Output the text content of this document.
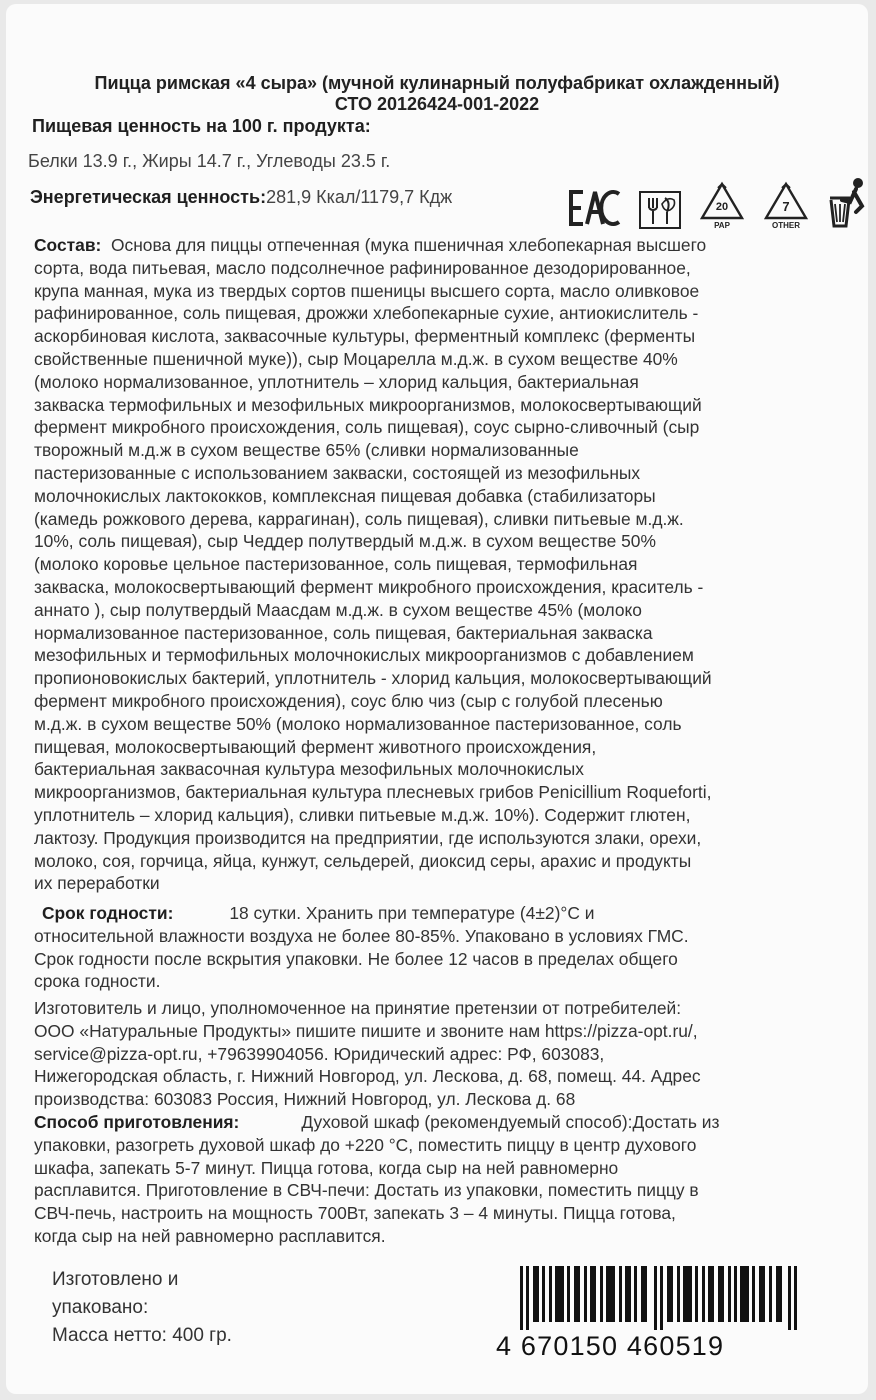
Пицца римская «4 сыра» (мучной кулинарный полуфабрикат охлажденный)
СТО 20126424-001-2022
Пищевая ценность на 100 г. продукта:
Белки 13.9 г., Жиры 14.7 г., Углеводы 23.5 г.
Энергетическая ценность:281,9 Ккал/1179,7 Кдж	20
PAP
7
OTHER
Состав: Основа для пиццы отпеченная (мука пшеничная хлебопекарная высшего
сорта, вода питьевая, масло подсолнечное рафинированное дезодорированное,
крупа манная, мука из твердых сортов пшеницы высшего сорта, масло оливковое
рафинированное, соль пищевая, дрожжи хлебопекарные сухие, антиокислитель -
аскорбиновая кислота, заквасочные культуры, ферментный комплекс (ферменты
свойственные пшеничной муке)), сыр Моцарелла м.д.ж. в сухом веществе 40%
(молоко нормализованное, уплотнитель – хлорид кальция, бактериальная
закваска термофильных и мезофильных микроорганизмов, молокосвертывающий
фермент микробного происхождения, соль пищевая), соус сырно-сливочный (сыр
творожный м.д.ж в сухом веществе 65% (сливки нормализованные
пастеризованные с использованием закваски, состоящей из мезофильных
молочнокислых лактококков, комплексная пищевая добавка (стабилизаторы
(камедь рожкового дерева, каррагинан), соль пищевая), сливки питьевые м.д.ж.
10%, соль пищевая), сыр Чеддер полутвердый м.д.ж. в сухом веществе 50%
(молоко коровье цельное пастеризованное, соль пищевая, термофильная
закваска, молокосвертывающий фермент микробного происхождения, краситель -
аннато ), сыр полутвердый Маасдам м.д.ж. в сухом веществе 45% (молоко
нормализованное пастеризованное, соль пищевая, бактериальная закваска
мезофильных и термофильных молочнокислых микроорганизмов с добавлением
пропионовокислых бактерий, уплотнитель - хлорид кальция, молокосвертывающий
фермент микробного происхождения), соус блю чиз (сыр с голубой плесенью
м.д.ж. в сухом веществе 50% (молоко нормализованное пастеризованное, соль
пищевая, молокосвертывающий фермент животного происхождения,
бактериальная заквасочная культура мезофильных молочнокислых
микроорганизмов, бактериальная культура плесневых грибов Penicillium Roqueforti,
уплотнитель – хлорид кальция), сливки питьевые м.д.ж. 10%). Содержит глютен,
лактозу. Продукция производится на предприятии, где используются злаки, орехи,
молоко, соя, горчица, яйца, кунжут, сельдерей, диоксид серы, арахис и продукты
их переработки
Срок годности:	18 сутки. Хранить при температуре (4±2)°С и
относительной влажности воздуха не более 80-85%. Упаковано в условиях ГМС.
Срок годности после вскрытия упаковки. Не более 12 часов в пределах общего
срока годности.
Изготовитель и лицо, уполномоченное на принятие претензии от потребителей:
ООО «Натуральные Продукты» пишите пишите и звоните нам https://pizza-opt.ru/,
service@pizza-opt.ru, +79639904056. Юридический адрес: РФ, 603083,
Нижегородская область, г. Нижний Новгород, ул. Лескова, д. 68, помещ. 44. Адрес
производства: 603083 Россия, Нижний Новгород, ул. Лескова д. 68
Способ приготовления:	Духовой шкаф (рекомендуемый способ):Достать из
упаковки, разогреть духовой шкаф до +220 °С, поместить пиццу в центр духового
шкафа, запекать 5-7 минут. Пицца готова, когда сыр на ней равномерно
расплавится. Приготовление в СВЧ-печи: Достать из упаковки, поместить пиццу в
СВЧ-печь, настроить на мощность 700Вт, запекать 3 – 4 минуты. Пицца готова,
когда сыр на ней равномерно расплавится.
Изготовлено и
упаковано:
Масса нетто: 400 гр.	4 670150 460519
